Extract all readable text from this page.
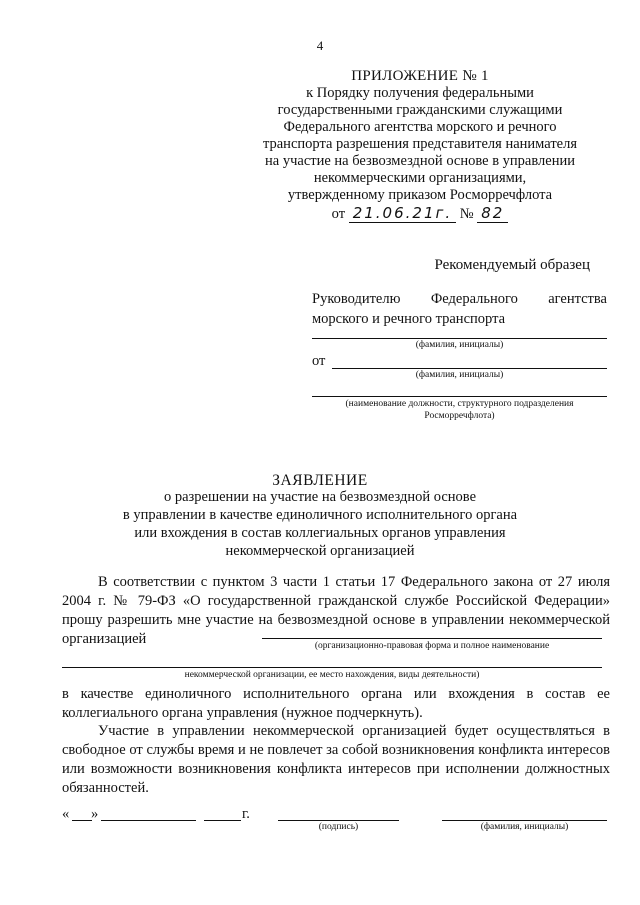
4
ПРИЛОЖЕНИЕ № 1
к Порядку получения федеральными
государственными гражданскими служащими
Федерального агентства морского и речного
транспорта разрешения представителя нанимателя
на участие на безвозмездной основе в управлении
некоммерческими организациями,
утвержденному приказом Росморречфлота
от 21.06.21г. № 82
Рекомендуемый образец
Руководителю Федерального агентства
морского и речного транспорта
(фамилия, инициалы)
от
(фамилия, инициалы)
(наименование должности, структурного подразделения
Росморречфлота)
ЗАЯВЛЕНИЕ
о разрешении на участие на безвозмездной основе
в управлении в качестве единоличного исполнительного органа
или вхождения в состав коллегиальных органов управления
некоммерческой организацией
В соответствии с пунктом 3 части 1 статьи 17 Федерального закона от 27 июля 2004 г. № 79-ФЗ «О государственной гражданской службе Российской Федерации» прошу разрешить мне участие на безвозмездной основе в управлении некоммерческой организацией	(организационно-правовая форма и полное наименование
некоммерческой организации, ее место нахождения, виды деятельности)
в качестве единоличного исполнительного органа или вхождения в состав ее коллегиального органа управления (нужное подчеркнуть).
Участие в управлении некоммерческой организацией будет осуществляться в свободное от службы время и не повлечет за собой возникновения конфликта интересов или возможности возникновения конфликта интересов при исполнении должностных обязанностей.
« »	г.
(подпись)	(фамилия, инициалы)
